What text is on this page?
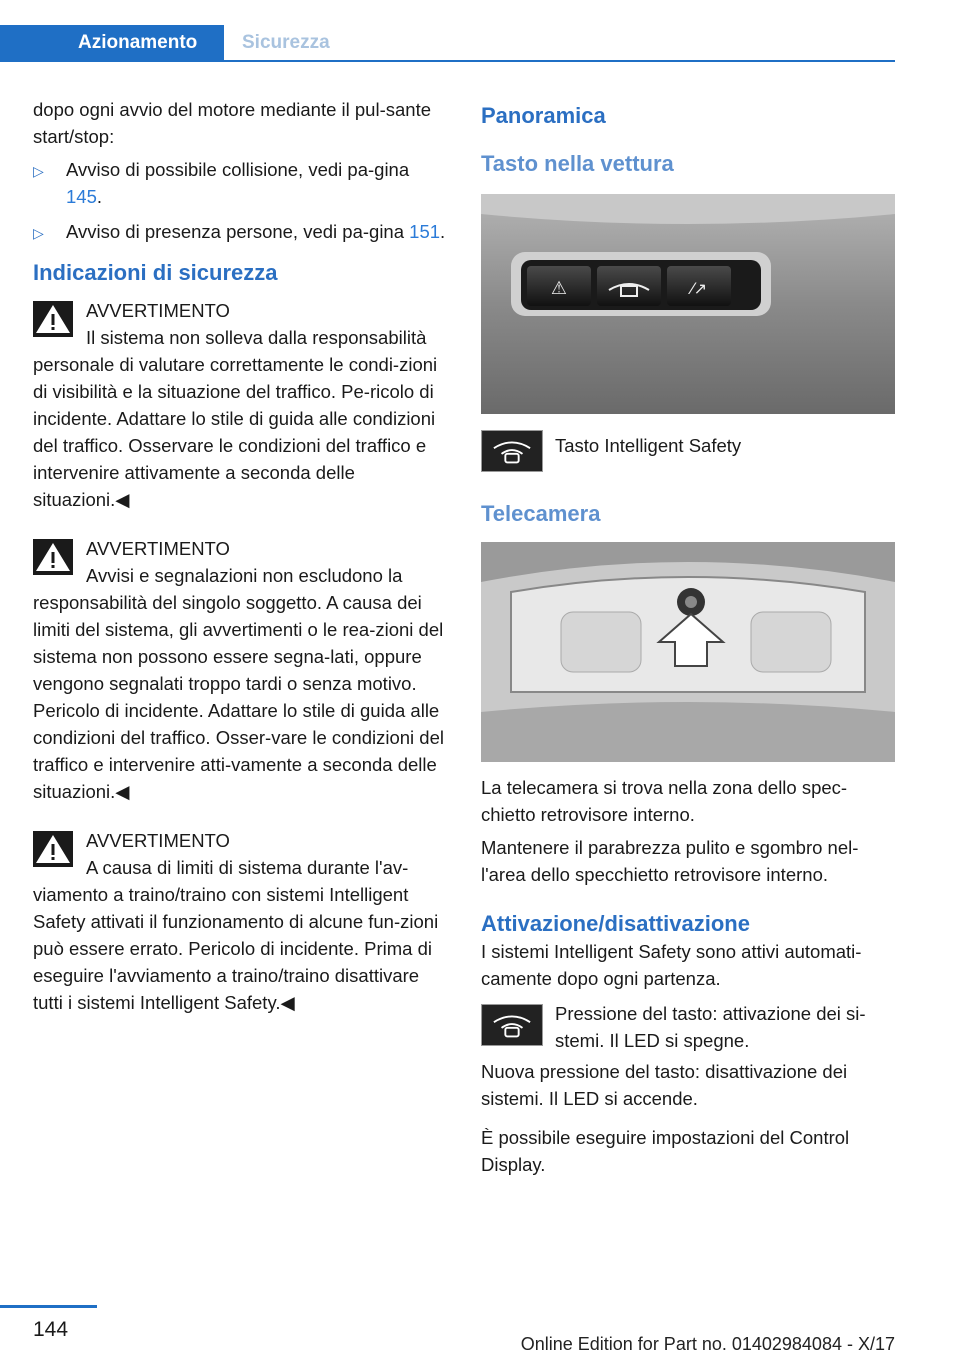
Azionamento	Sicurezza

dopo ogni avvio del motore mediante il pul-sante start/stop:

▷
Avviso di possibile collisione, vedi pa-gina 145.
▷
Avviso di presenza persone, vedi pa-gina 151.
Indicazioni di sicurezza

AVVERTIMENTO

Il sistema non solleva dalla responsabilità

personale di valutare correttamente le condi-zioni di visibilità e la situazione del traffico. Pe-ricolo di incidente. Adattare lo stile di guida alle condizioni del traffico. Osservare le condizioni del traffico e intervenire attivamente a seconda delle situazioni.◀

AVVERTIMENTO

Avvisi e segnalazioni non escludono la

responsabilità del singolo soggetto. A causa dei limiti del sistema, gli avvertimenti o le rea-zioni del sistema non possono essere segna-lati, oppure vengono segnalati troppo tardi o senza motivo. Pericolo di incidente. Adattare lo stile di guida alle condizioni del traffico. Osser-vare le condizioni del traffico e intervenire atti-vamente a seconda delle situazioni.◀

AVVERTIMENTO

A causa di limiti di sistema durante l'av-

viamento a traino/traino con sistemi Intelligent Safety attivati il funzionamento di alcune fun-zioni può essere errato. Pericolo di incidente. Prima di eseguire l'avviamento a traino/traino disattivare tutti i sistemi Intelligent Safety.◀

Panoramica
Tasto nella vettura
⚠	⁄↗

Tasto Intelligent Safety

Telecamera

La telecamera si trova nella zona dello spec-chietto retrovisore interno.

Mantenere il parabrezza pulito e sgombro nel-l'area dello specchietto retrovisore interno.

Attivazione/disattivazione

I sistemi Intelligent Safety sono attivi automati-camente dopo ogni partenza.

Pressione del tasto: attivazione dei si-stemi. Il LED si spegne.

Nuova pressione del tasto: disattivazione dei sistemi. Il LED si accende.

È possibile eseguire impostazioni del Control Display.

144
Online Edition for Part no. 01402984084 - X/17
